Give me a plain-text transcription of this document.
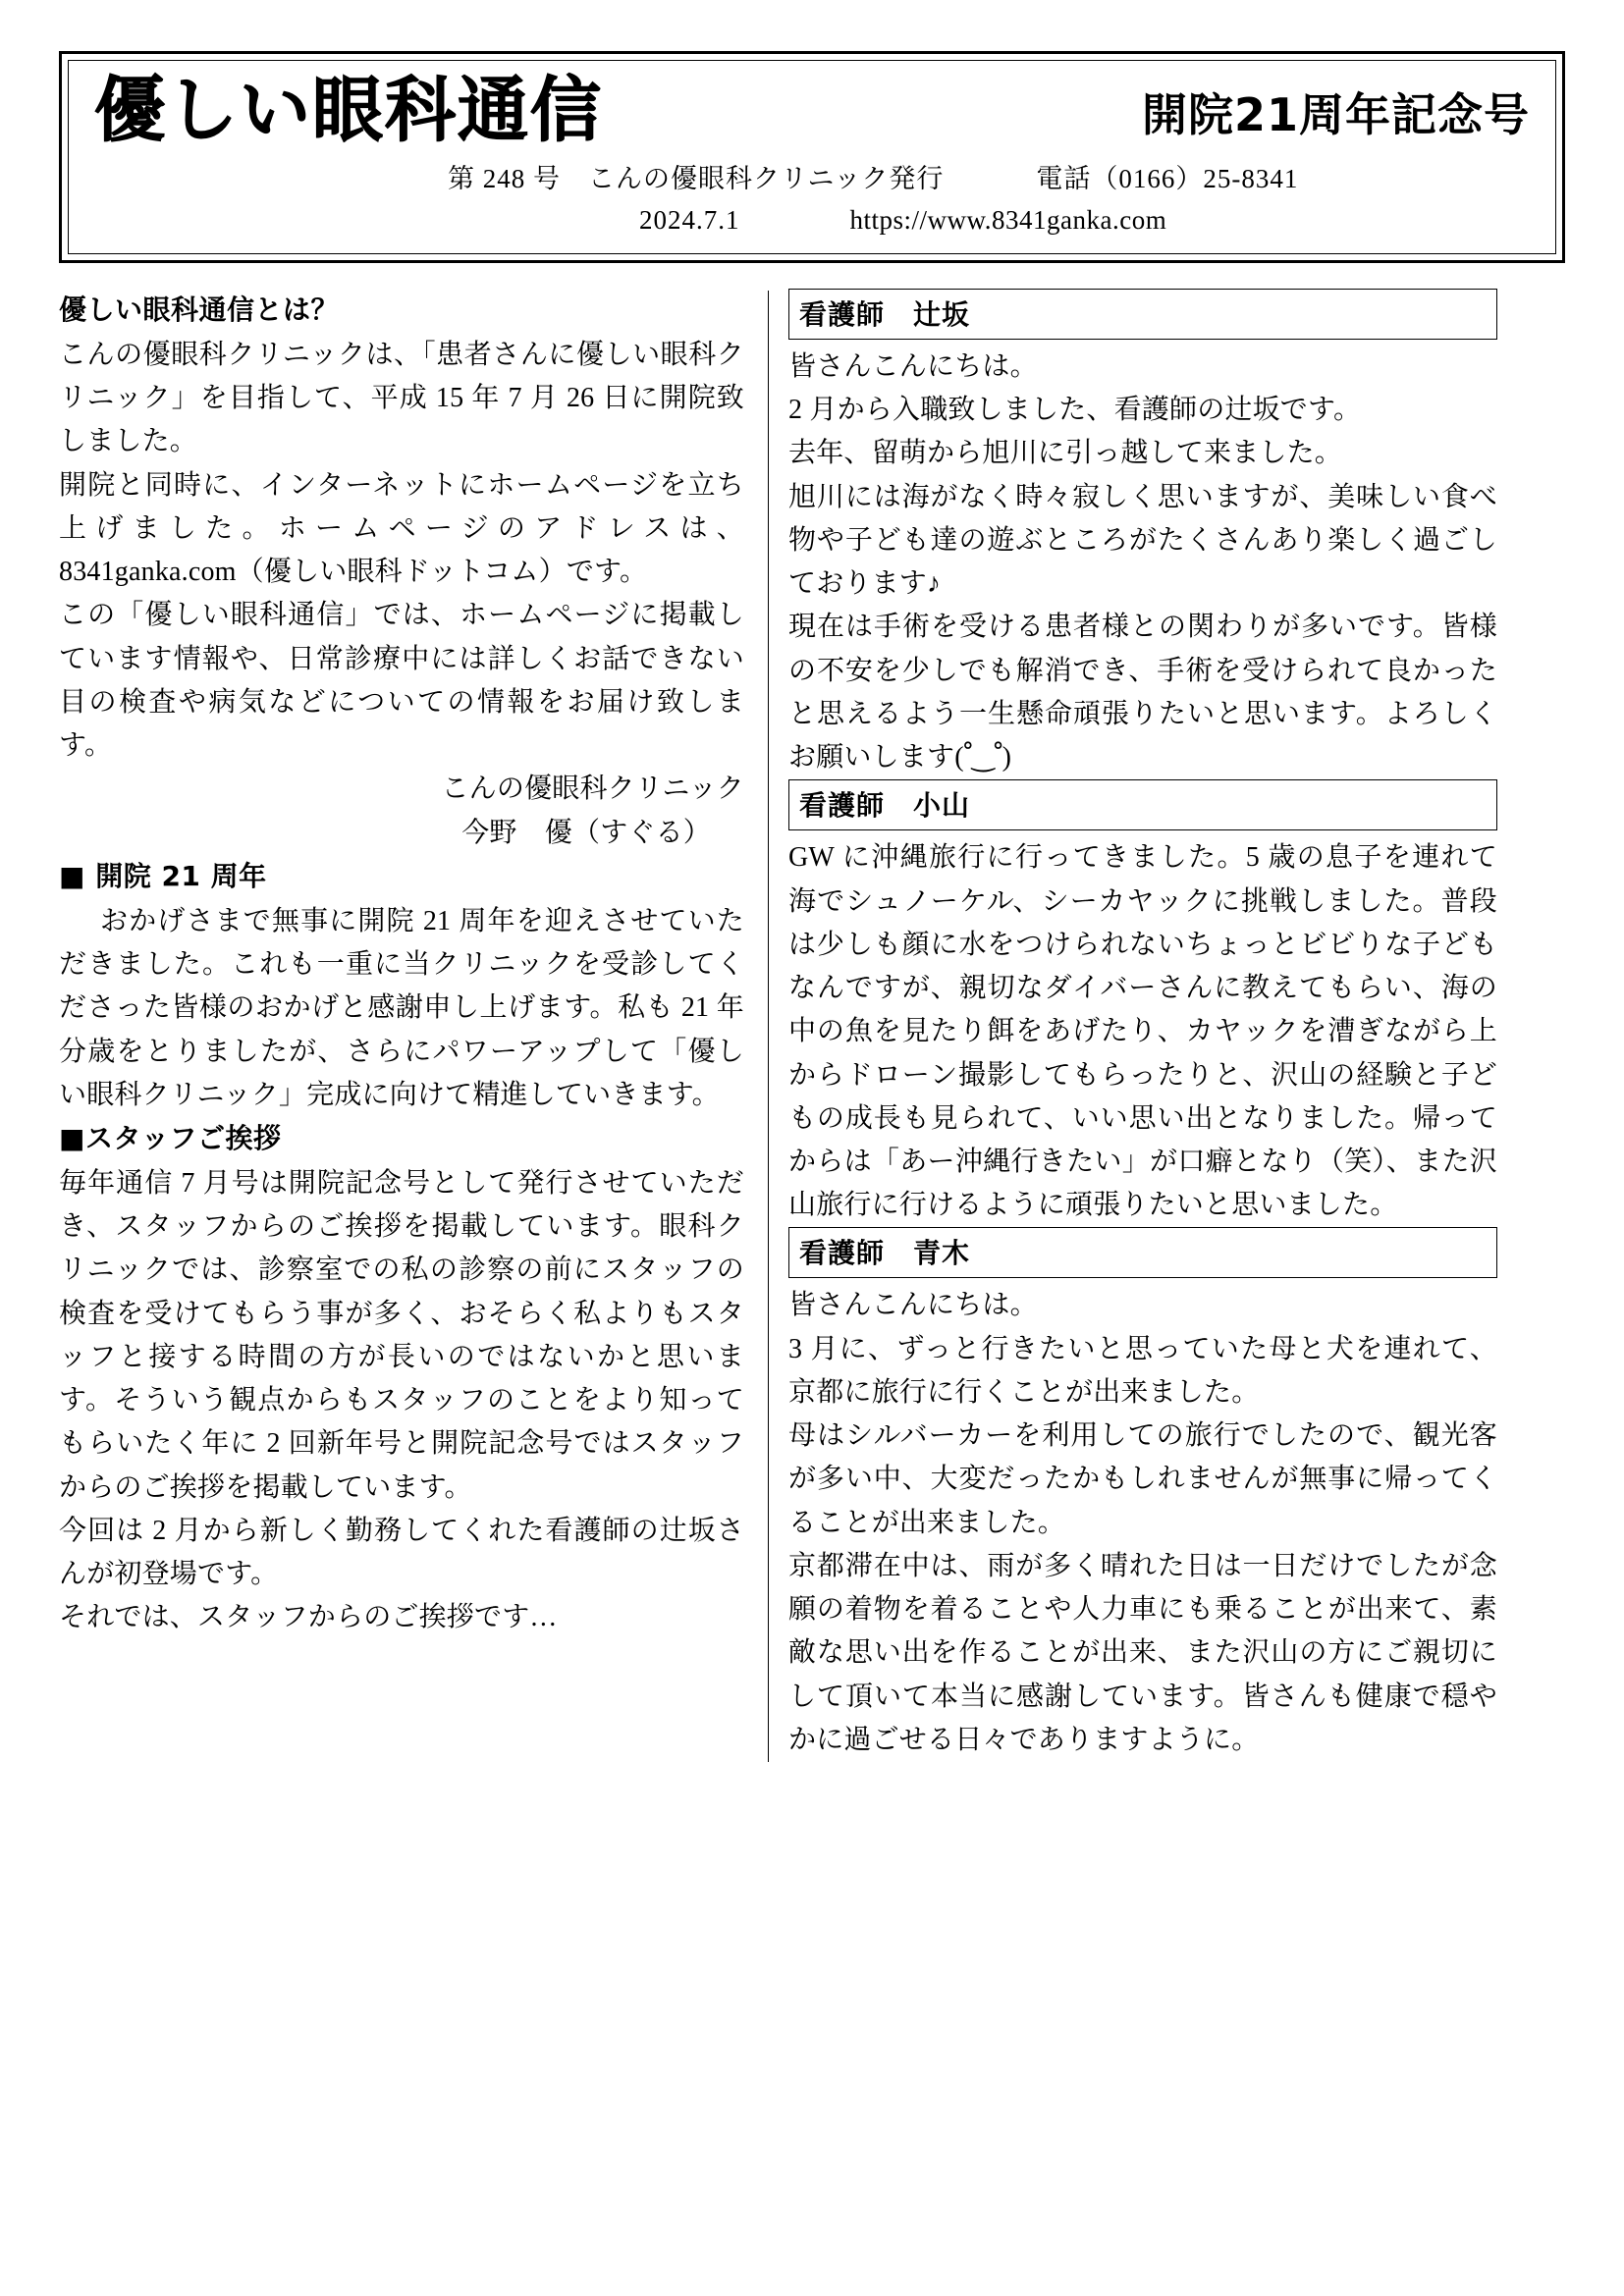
優しい眼科通信	開院21周年記念号
第 248 号　こんの優眼科クリニック発行	電話（0166）25-8341
2024.7.1	https://www.8341ganka.com
優しい眼科通信とは？

こんの優眼科クリニックは、「患者さんに優しい眼科クリニック」を目指して、平成 15 年 7 月 26 日に開院致しました。

開院と同時に、インターネットにホームページを立ち上げました。ホームページのアドレスは、8341ganka.com（優しい眼科ドットコム）です。

この「優しい眼科通信」では、ホームページに掲載しています情報や、日常診療中には詳しくお話できない目の検査や病気などについての情報をお届け致します。

こんの優眼科クリニック

今野　優（すぐる）

■ 開院 21 周年

おかげさまで無事に開院 21 周年を迎えさせていただきました。これも一重に当クリニックを受診してくださった皆様のおかげと感謝申し上げます。私も 21 年分歳をとりましたが、さらにパワーアップして「優しい眼科クリニック」完成に向けて精進していきます。

■スタッフご挨拶

毎年通信 7 月号は開院記念号として発行させていただき、スタッフからのご挨拶を掲載しています。眼科クリニックでは、診察室での私の診察の前にスタッフの検査を受けてもらう事が多く、おそらく私よりもスタッフと接する時間の方が長いのではないかと思います。そういう観点からもスタッフのことをより知ってもらいたく年に 2 回新年号と開院記念号ではスタッフからのご挨拶を掲載しています。

今回は 2 月から新しく勤務してくれた看護師の辻坂さんが初登場です。

それでは、スタッフからのご挨拶です…

看護師　辻坂

皆さんこんにちは。

2 月から入職致しました、看護師の辻坂です。

去年、留萌から旭川に引っ越して来ました。

旭川には海がなく時々寂しく思いますが、美味しい食べ物や子ども達の遊ぶところがたくさんあり楽しく過ごしております♪

現在は手術を受ける患者様との関わりが多いです。皆様の不安を少しでも解消でき、手術を受けられて良かったと思えるよう一生懸命頑張りたいと思います。よろしくお願いします(ﹾ‿ﹾ)

看護師　小山

GW に沖縄旅行に行ってきました。5 歳の息子を連れて海でシュノーケル、シーカヤックに挑戦しました。普段は少しも顔に水をつけられないちょっとビビりな子どもなんですが、親切なダイバーさんに教えてもらい、海の中の魚を見たり餌をあげたり、カヤックを漕ぎながら上からドローン撮影してもらったりと、沢山の経験と子どもの成長も見られて、いい思い出となりました。帰ってからは「あー沖縄行きたい」が口癖となり（笑）、また沢山旅行に行けるように頑張りたいと思いました。

看護師　青木

皆さんこんにちは。

3 月に、ずっと行きたいと思っていた母と犬を連れて、京都に旅行に行くことが出来ました。

母はシルバーカーを利用しての旅行でしたので、観光客が多い中、大変だったかもしれませんが無事に帰ってくることが出来ました。

京都滞在中は、雨が多く晴れた日は一日だけでしたが念願の着物を着ることや人力車にも乗ることが出来て、素敵な思い出を作ることが出来、また沢山の方にご親切にして頂いて本当に感謝しています。皆さんも健康で穏やかに過ごせる日々でありますように。
